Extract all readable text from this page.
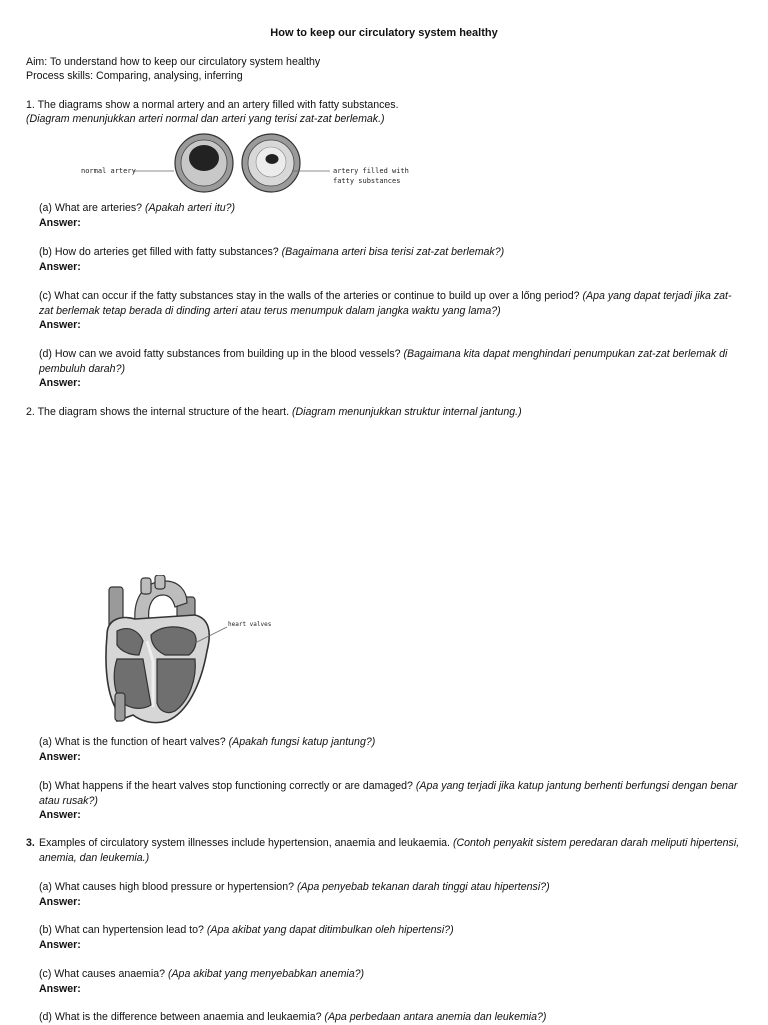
How to keep our circulatory system healthy
Aim: To understand how to keep our circulatory system healthy
Process skills: Comparing, analysing, inferring
1. The diagrams show a normal artery and an artery filled with fatty substances.
(Diagram menunjukkan arteri normal dan arteri yang terisi zat-zat berlemak.)
normal artery	artery filled with
fatty substances
(a) What are arteries? (Apakah arteri itu?)
Answer:
(b) How do arteries get filled with fatty substances? (Bagaimana arteri bisa terisi zat-zat berlemak?)
Answer:
(c) What can occur if the fatty substances stay in the walls of the arteries or continue to build up over a lőng period? (Apa yang dapat terjadi jika zat-zat berlemak tetap berada di dinding arteri atau terus menumpuk dalam jangka waktu yang lama?)
Answer:
(d) How can we avoid fatty substances from building up in the blood vessels? (Bagaimana kita dapat menghindari penumpukan zat-zat berlemak di pembuluh darah?)
Answer:
2. The diagram shows the internal structure of the heart. (Diagram menunjukkan struktur internal jantung.)
heart valves
(a) What is the function of heart valves? (Apakah fungsi katup jantung?)
Answer:
(b) What happens if the heart valves stop functioning correctly or are damaged? (Apa yang terjadi jika katup jantung berhenti berfungsi dengan benar atau rusak?)
Answer:
3. Examples of circulatory system illnesses include hypertension, anaemia and leukaemia. (Contoh penyakit sistem peredaran darah meliputi hipertensi, anemia, dan leukemia.)
(a) What causes high blood pressure or hypertension? (Apa penyebab tekanan darah tinggi atau hipertensi?)
Answer:
(b) What can hypertension lead to? (Apa akibat yang dapat ditimbulkan oleh hipertensi?)
Answer:
(c) What causes anaemia? (Apa akibat yang menyebabkan anemia?)
Answer:
(d) What is the difference between anaemia and leukaemia? (Apa perbedaan antara anemia dan leukemia?)
